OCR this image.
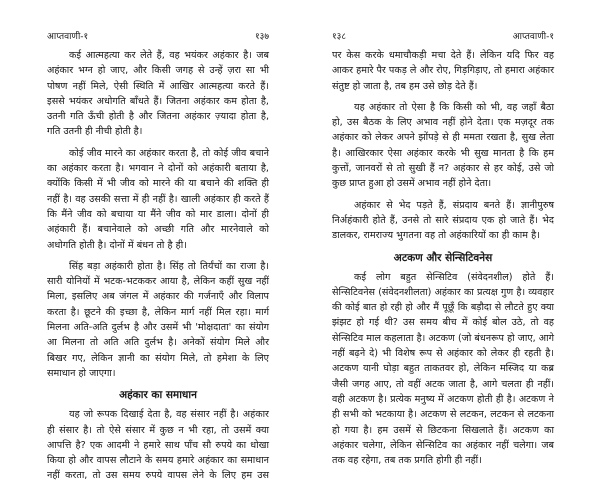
आप्तवाणी-१	१३७

कई आत्महत्या कर लेते हैं, वह भयंकर अहंकार है। जब अहंकार भग्न हो जाए, और किसी जगह से उन्हें ज़रा सा भी पोषण नहीं मिले, ऐसी स्थिति में आखिर आत्महत्या करते हैं। इससे भयंकर अधोगति बाँधते हैं। जितना अहंकार कम होता है, उतनी गति ऊँची होती है और जितना अहंकार ज़्यादा होता है, गति उतनी ही नीची होती है।

कोई जीव मारने का अहंकार करता है, तो कोई जीव बचाने का अहंकार करता है। भगवान ने दोनों को अहंकारी बताया है, क्योंकि किसी में भी जीव को मारने की या बचाने की शक्ति ही नहीं है। वह उसकी सत्ता में ही नहीं है। खाली अहंकार ही करते हैं कि मैंने जीव को बचाया या मैंने जीव को मार डाला। दोनों ही अहंकारी हैं। बचानेवाले को अच्छी गति और मारनेवाले को अधोगति होती है। दोनों में बंधन तो है ही।

सिंह बड़ा अहंकारी होता है। सिंह तो तिर्यंचों का राजा है। सारी योनियों में भटक-भटककर आया है, लेकिन कहीं सुख नहीं मिला, इसलिए अब जंगल में अहंकार की गर्जनाएँ और विलाप करता है। छूटने की इच्छा है, लेकिन मार्ग नहीं मिल रहा। मार्ग मिलना अति-अति दुर्लभ है और उसमें भी 'मोक्षदाता' का संयोग आ मिलना तो अति अति दुर्लभ है। अनेकों संयोग मिले और बिखर गए, लेकिन ज्ञानी का संयोग मिले, तो हमेशा के लिए समाधान हो जाएगा।

अहंकार का समाधान

यह जो रूपक दिखाई देता है, वह संसार नहीं है। अहंकार ही संसार है। तो ऐसे संसार में कुछ न भी रहा, तो उसमें क्या आपत्ति है? एक आदमी ने हमारे साथ पाँच सौ रुपये का धोखा किया हो और वापस लौटाने के समय हमारे अहंकार का समाधान नहीं करता, तो उस समय रुपये वापस लेने के लिए हम उस

१३८	आप्तवाणी-१

पर केस करके धमाचौकड़ी मचा देते हैं। लेकिन यदि फिर वह आकर हमारे पैर पकड़ ले और रोए, गिड़गिड़ाए, तो हमारा अहंकार संतुष्ट हो जाता है, तब हम उसे छोड़ देते हैं।

यह अहंकार तो ऐसा है कि किसी को भी, वह जहाँ बैठा हो, उस बैठक के लिए अभाव नहीं होने देता। एक मज़दूर तक अहंकार को लेकर अपने झोंपड़े से ही ममता रखता है, सुख लेता है। आखिरकार ऐसा अहंकार करके भी सुख मानता है कि हम कुत्तों, जानवरों से तो सुखी हैं न? अहंकार से हर कोई, उसे जो कुछ प्राप्त हुआ हो उसमें अभाव नहीं होने देता।

अहंकार से भेद पड़ते हैं, संप्रदाय बनते हैं। ज्ञानीपुरुष निर्अहंकारी होते हैं, उनसे तो सारे संप्रदाय एक हो जाते हैं। भेद डालकर, रामराज्य भुगतना वह तो अहंकारियों का ही काम है।

अटकण और सेन्सिटिवनेस

कई लोग बहुत सेन्सिटिव (संवेदनशील) होते हैं। सेन्सिटिवनेस (संवेदनशीलता) अहंकार का प्रत्यक्ष गुण है। व्यवहार की कोई बात हो रही हो और मैं पूछूँ कि बड़ौदा से लौटते हुए क्या झंझट हो गई थी? उस समय बीच में कोई बोल उठे, तो वह सेन्सिटिव माल कहलाता है। अटकण (जो बंधनरूप हो जाए, आगे नहीं बढ़ने दे) भी विशेष रूप से अहंकार को लेकर ही रहती है। अटकण यानी घोड़ा बहुत ताकतवर हो, लेकिन मस्जिद या कब्र जैसी जगह आए, तो वहीं अटक जाता है, आगे चलता ही नहीं। वही अटकण है। प्रत्येक मनुष्य में अटकण होती ही है। अटकण ने ही सभी को भटकाया है। अटकण से लटकन, लटकन से लटकना हो गया है। हम उसमें से छिटकना सिखलाते हैं। अटकण का अहंकार चलेगा, लेकिन सेन्सिटिव का अहंकार नहीं चलेगा। जब तक वह रहेगा, तब तक प्रगति होगी ही नहीं।
